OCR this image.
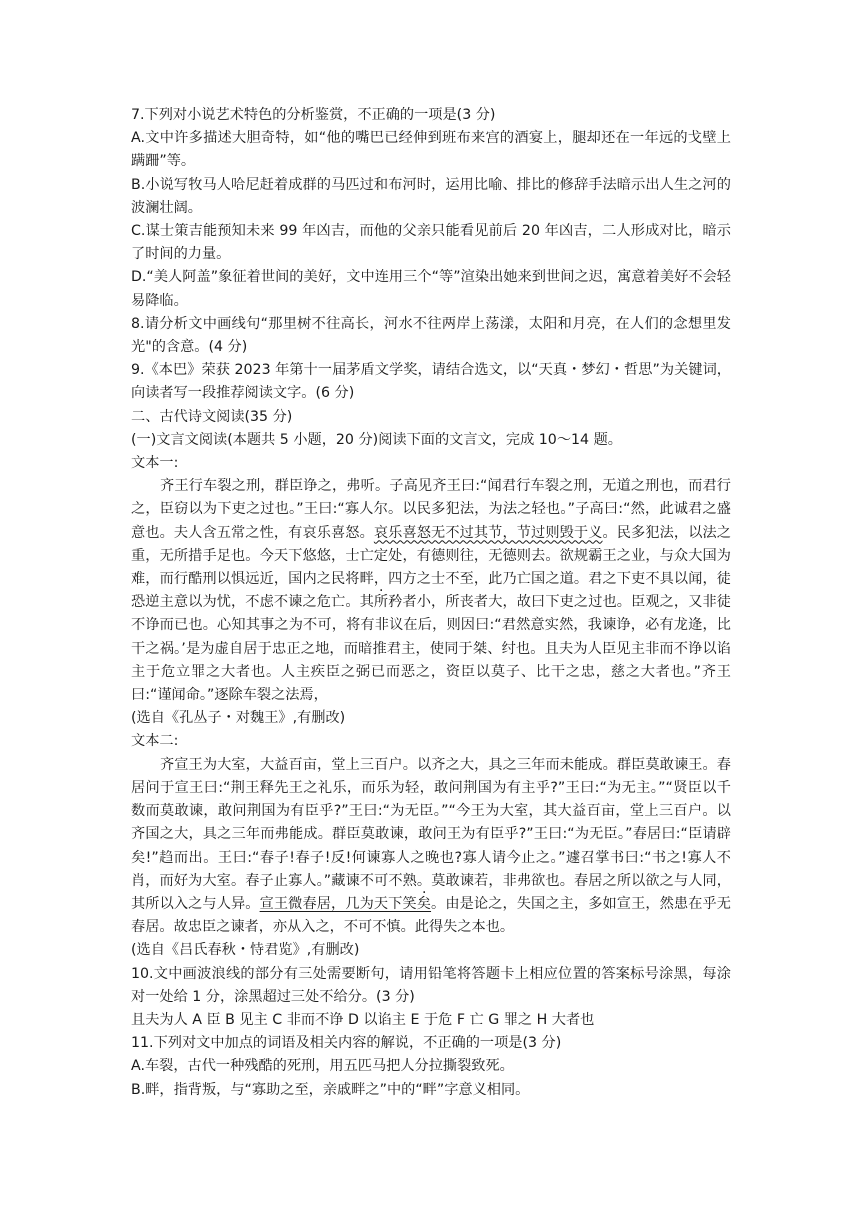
7.下列对小说艺术特色的分析鉴赏，不正确的一项是(3 分)

A.文中许多描述大胆奇特，如“他的嘴巴已经伸到班布来宫的酒宴上，腿却还在一年远的戈壁上蹒跚”等。

B.小说写牧马人哈尼赶着成群的马匹过和布河时，运用比喻、排比的修辞手法暗示出人生之河的波澜壮阔。

C.谋士策吉能预知未来 99 年凶吉，而他的父亲只能看见前后 20 年凶吉，二人形成对比，暗示了时间的力量。

D.“美人阿盖”象征着世间的美好，文中连用三个“等”渲染出她来到世间之迟，寓意着美好不会轻易降临。

8.请分析文中画线句“那里树不往高长，河水不往两岸上荡漾，太阳和月亮，在人们的念想里发光"的含意。(4 分)

9.《本巴》荣获 2023 年第十一届茅盾文学奖，请结合选文，以“天真・梦幻・哲思”为关键词，向读者写一段推荐阅读文字。(6 分)

二、古代诗文阅读(35 分)

(一)文言文阅读(本题共 5 小题，20 分)阅读下面的文言文，完成 10～14 题。

文本一:

齐王行车裂之刑，群臣诤之，弗听。子高见齐王曰:“闻君行车裂之刑，无道之刑也，而君行之，臣窃以为下吏之过也。”王曰:“寡人尔。以民多犯法，为法之轻也。”子高曰:“然，此诚君之盛意也。夫人含五常之性，有哀乐喜怒。哀乐喜怒无不过其节，节过则毁于义。民多犯法，以法之重，无所措手足也。今天下悠悠，士亡定处，有德则往，无德则去。欲规霸王之业，与众大国为难，而行酷刑以惧远近，国内之民将畔，四方之士不至，此乃亡国之道。君之下吏不具以闻，徒恐逆主意以为忧，不虑不谏之危亡。其所矜者小，所丧者大，故曰下吏之过也。臣观之，又非徒不诤而已也。心知其事之为不可，将有非议在后，则因曰:“君然意实然，我谏诤，必有龙逄，比干之祸。’是为虚自居于忠正之地，而暗推君主，使同于桀、纣也。且夫为人臣见主非而不诤以谄主于危立罪之大者也。人主疾臣之弼已而恶之，资臣以莫子、比干之忠，慈之大者也。”齐王曰:“谨闻命。”逐除车裂之法焉，

(选自《孔丛子・对魏王》,有删改)

文本二:

齐宣王为大室，大益百亩，堂上三百户。以齐之大，具之三年而未能成。群臣莫敢谏王。春居问于宣王曰:“荆王释先王之礼乐，而乐为轻，敢问荆国为有主乎?”王曰:“为无主。”“贤臣以千数而莫敢谏，敢问荆国为有臣乎?”王曰:“为无臣。”“今王为大室，其大益百亩，堂上三百户。以齐国之大，具之三年而弗能成。群臣莫敢谏，敢问王为有臣乎?”王曰:“为无臣。”春居曰:“臣请辟矣!”趋而出。王曰:“春子!春子!反!何谏寡人之晚也?寡人请今止之。”遽召掌书曰:“书之!寡人不肖，而好为大室。春子止寡人。”藏谏不可不熟。莫敢谏若，非弗欲也。春居之所以欲之与人同，其所以入之与人异。宣王微春居，几为天下笑矣。由是论之，失国之主，多如宣王，然患在乎无春居。故忠臣之谏者，亦从入之，不可不慎。此得失之本也。

(选自《吕氏春秋・恃君览》,有删改)

10.文中画波浪线的部分有三处需要断句，请用铅笔将答题卡上相应位置的答案标号涂黑，每涂对一处给 1 分，涂黑超过三处不给分。(3 分)

且夫为人 A 臣 B 见主 C 非而不诤 D 以谄主 E 于危 F 亡 G 罪之 H 大者也

11.下列对文中加点的词语及相关内容的解说，不正确的一项是(3 分)

A.车裂，古代一种残酷的死刑，用五匹马把人分拉撕裂致死。

B.畔，指背叛，与“寡助之至，亲戚畔之”中的“畔”字意义相同。
